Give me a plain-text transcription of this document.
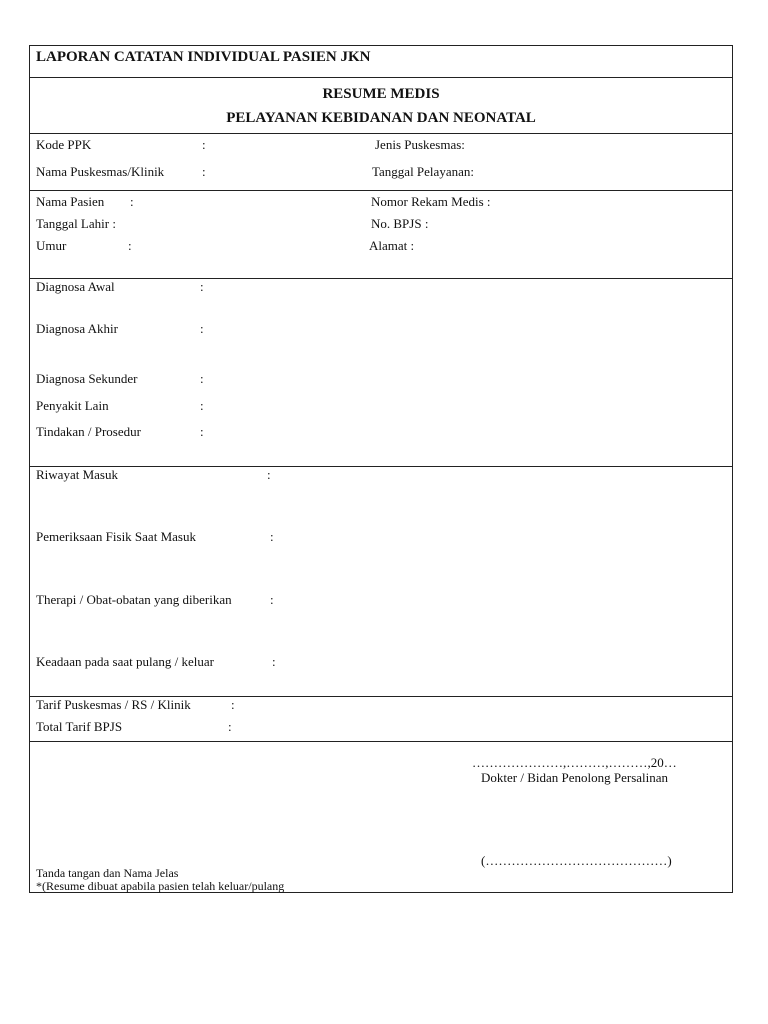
LAPORAN CATATAN INDIVIDUAL PASIEN JKN
RESUME MEDIS
PELAYANAN KEBIDANAN DAN NEONATAL
Kode PPK	:	Jenis Puskesmas:
Nama Puskesmas/Klinik	:	Tanggal Pelayanan:
Nama Pasien :	Nomor Rekam Medis :
Tanggal Lahir :	No. BPJS :
Umur	:	Alamat :
Diagnosa Awal	:
Diagnosa Akhir	:
Diagnosa Sekunder	:
Penyakit Lain	:
Tindakan / Prosedur	:
Riwayat Masuk	:
Pemeriksaan Fisik Saat Masuk	:
Therapi / Obat-obatan yang diberikan	:
Keadaan pada saat pulang / keluar	:
Tarif Puskesmas / RS / Klinik	:
Total Tarif BPJS	:
…………………,………,………,20…
Dokter / Bidan Penolong Persalinan
(……………………………………)
Tanda tangan dan Nama Jelas
*(Resume dibuat apabila pasien telah keluar/pulang
